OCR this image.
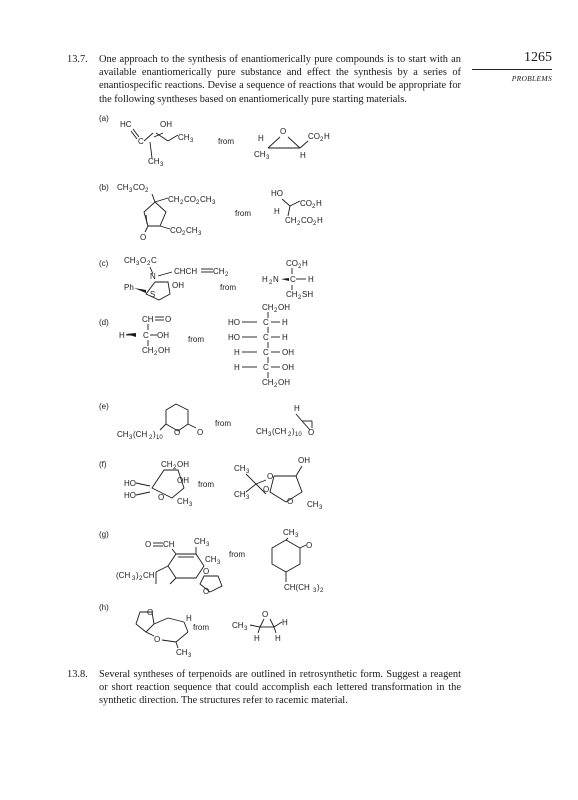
1265
PROBLEMS
13.7. One approach to the synthesis of enantiomerically pure compounds is to start with an available enantiomerically pure substance and effect the synthesis by a series of enantiospecific reactions. Devise a sequence of reactions that would be appropriate for the following syntheses based on enantiomerically pure starting materials.
(a)
(b)
(c)
(d)
(e)
(f)
(g)
(h)
HC
C
OH
CH 3
CH 3
from	H
O
CO 2 H
CH 3	H
CH 3 CO 2
CH 2 CO 2 CH 3
CO 2 CH 3
O
from
HO
CO 2 H
H
CH 2 CO 2 H
CH 3 O 2 C
N
CHCH CH 2
OH
Ph
S
from
CO 2 H
H 2 N C H
CH 2 SH
CH O
H C OH
CH 2 OH
from
CH 2 OH
HO	C H
HO	C H
H	C OH
H	C OH
CH 2 OH
O O
CH 3 (CH 2 ) 10
from
H
CH 3 (CH 2 ) 10 O
CH 2 OH
HO	OH
HO	O CH 3
from
CH 3
CH 3
O
O
OH
O CH 3
O CH CH 3
CH 3
O
O
(CH 3 ) 2 CH
from
CH 3
O
CH(CH 3 ) 2
O
O
H
CH 3
from	CH 3
O
H
H H
13.8. Several syntheses of terpenoids are outlined in retrosynthetic form. Suggest a reagent or short reaction sequence that could accomplish each lettered transformation in the synthetic direction. The structures refer to racemic material.
